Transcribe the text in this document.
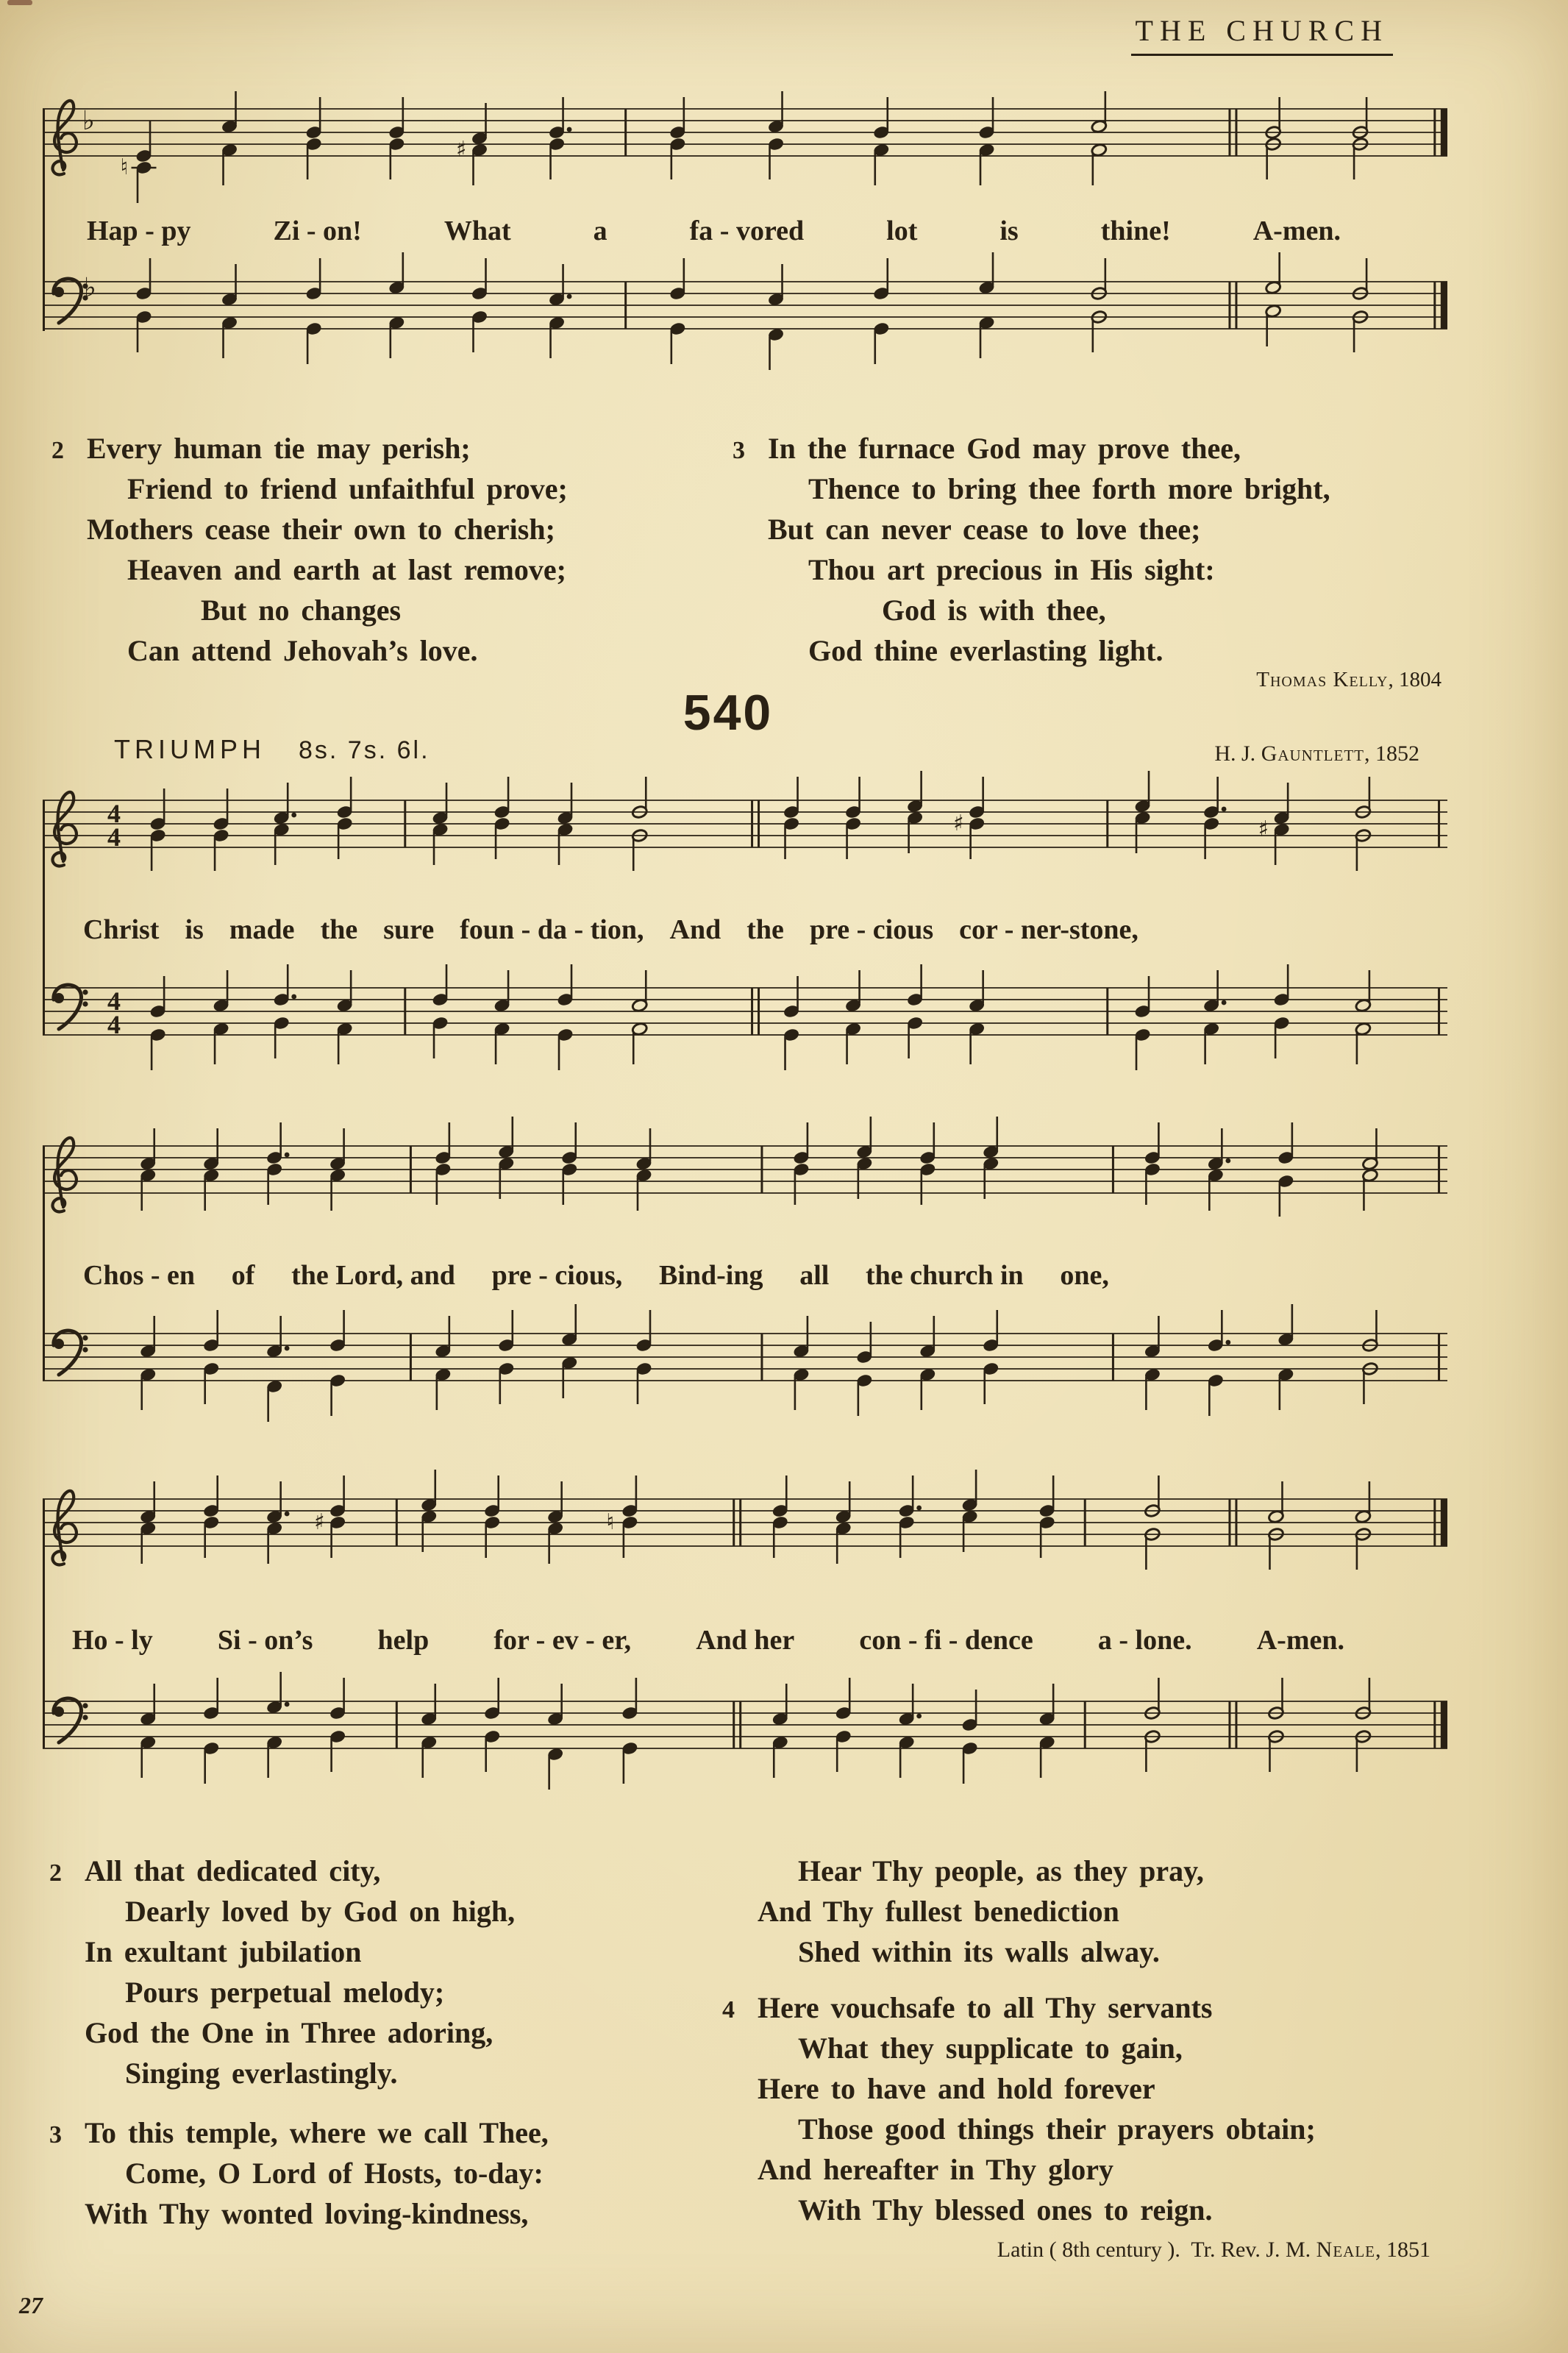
THE CHURCH
♭
♮
♯
Hap - py	Zi - on!	What	a	fa - vored	lot	is	thine!	A-men.
♭
2 Every human tie may perish;
Friend to friend unfaithful prove;
Mothers cease their own to cherish;
Heaven and earth at last remove;
But no changes
Can attend Jehovah’s love.
3 In the furnace God may prove thee,
Thence to bring thee forth more bright,
But can never cease to love thee;
Thou art precious in His sight:
God is with thee,
God thine everlasting light.
Thomas Kelly, 1804
540
TRIUMPH 8s. 7s. 6l.	H. J. Gauntlett, 1852
4
4	♯	♯
Christ is made the sure foun - da - tion, And the pre - cious cor - ner-stone,
4
4
Chos - en of the Lord, and pre - cious, Bind-ing all the church in one,
♯	♮
Ho - ly Si - on’s help for - ev - er, And her con - fi - dence a - lone. A-men.
2 All that dedicated city,
Dearly loved by God on high,
In exultant jubilation
Pours perpetual melody;
God the One in Three adoring,
Singing everlastingly.
3 To this temple, where we call Thee,
Come, O Lord of Hosts, to-day:
With Thy wonted loving-kindness,
Hear Thy people, as they pray,
And Thy fullest benediction
Shed within its walls alway.
4 Here vouchsafe to all Thy servants
What they supplicate to gain,
Here to have and hold forever
Those good things their prayers obtain;
And hereafter in Thy glory
With Thy blessed ones to reign.
Latin ( 8th century ).  Tr. Rev. J. M. Neale, 1851
27
